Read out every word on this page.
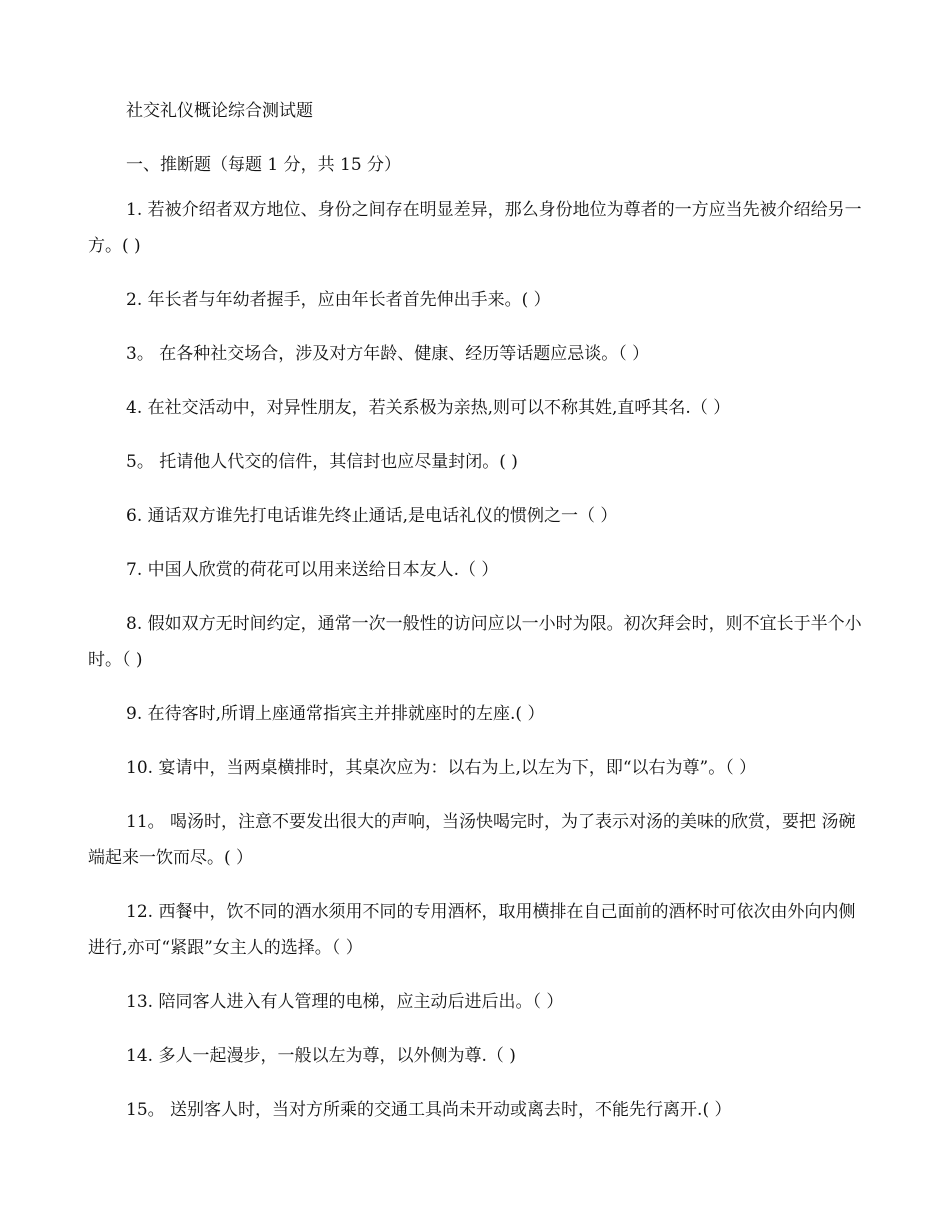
社交礼仪概论综合测试题
一、推断题（每题 1 分，共 15 分）

1. 若被介绍者双方地位、身份之间存在明显差异，那么身份地位为尊者的一方应当先被介绍给另一方。( )

2. 年长者与年幼者握手，应由年长者首先伸出手来。( ）

3。 在各种社交场合，涉及对方年龄、健康、经历等话题应忌谈。（ ）

4. 在社交活动中，对异性朋友，若关系极为亲热,则可以不称其姓,直呼其名.（ ）

5。 托请他人代交的信件，其信封也应尽量封闭。( )

6. 通话双方谁先打电话谁先终止通话,是电话礼仪的惯例之一（ ）

7. 中国人欣赏的荷花可以用来送给日本友人.（ ）

8. 假如双方无时间约定，通常一次一般性的访问应以一小时为限。初次拜会时，则不宜长于半个小时。（ )

9. 在待客时,所谓上座通常指宾主并排就座时的左座.( ）

10. 宴请中，当两桌横排时，其桌次应为：以右为上,以左为下，即“以右为尊”。（ ）

11。 喝汤时，注意不要发出很大的声响，当汤快喝完时，为了表示对汤的美味的欣赏，要把 汤碗端起来一饮而尽。( ）

12. 西餐中，饮不同的酒水须用不同的专用酒杯，取用横排在自己面前的酒杯时可依次由外向内侧进行,亦可“紧跟”女主人的选择。（ ）

13. 陪同客人进入有人管理的电梯，应主动后进后出。（ ）

14. 多人一起漫步，一般以左为尊，以外侧为尊.（ )

15。 送别客人时，当对方所乘的交通工具尚未开动或离去时，不能先行离开.( ）
